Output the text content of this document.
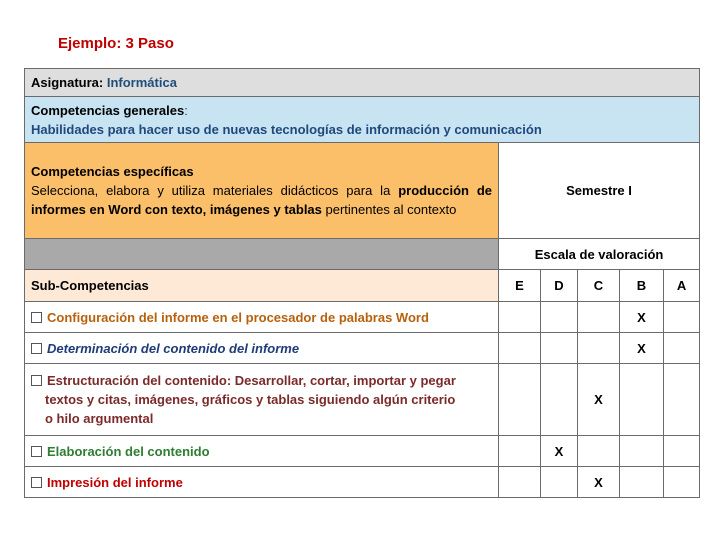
Ejemplo: 3 Paso
Asignatura: Informática					
Competencias generales:
Habilidades para hacer uso de nuevas tecnologías de información y comunicación					
Competencias específicas
Selecciona, elabora y utiliza materiales didácticos para la producción de informes en Word con texto, imágenes y tablas pertinentes al contexto	Semestre I				
	Escala de valoración				
Sub-Competencias	E	D	C	B	A
Configuración del informe en el procesador de palabras Word				X	
Determinación del contenido del informe				X	
Estructuración del contenido: Desarrollar, cortar, importar y pegar
textos y citas, imágenes, gráficos y tablas siguiendo algún criterio
o hilo argumental			X		
Elaboración del contenido		X			
Impresión del informe			X		
